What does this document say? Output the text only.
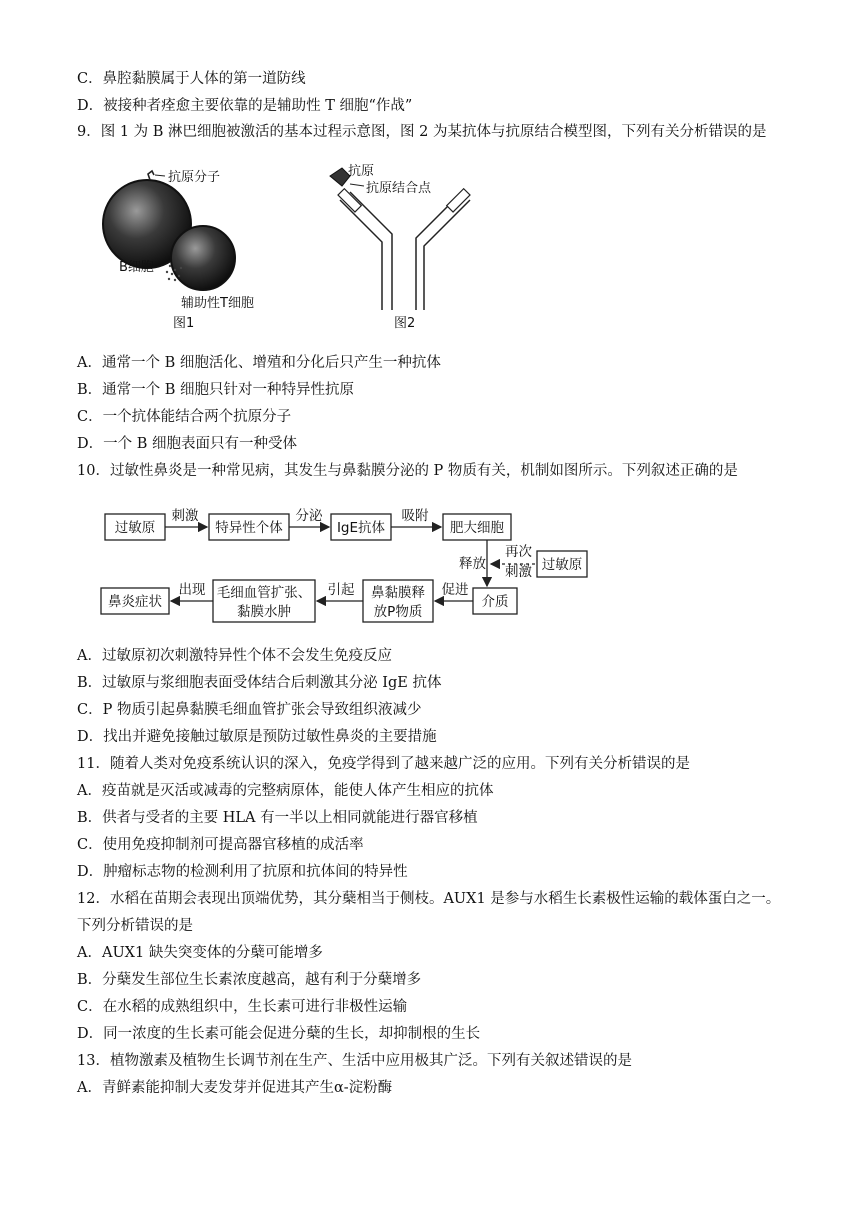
C．鼻腔黏膜属于人体的第一道防线
D．被接种者痊愈主要依靠的是辅助性 T 细胞“作战”
9．图 1 为 B 淋巴细胞被激活的基本过程示意图，图 2 为某抗体与抗原结合模型图，下列有关分析错误的是
抗原分子
B细胞
辅助性T细胞
图1
抗原
抗原结合点
图2
A．通常一个 B 细胞活化、增殖和分化后只产生一种抗体
B．通常一个 B 细胞只针对一种特异性抗原
C．一个抗体能结合两个抗原分子
D．一个 B 细胞表面只有一种受体
10．过敏性鼻炎是一种常见病，其发生与鼻黏膜分泌的 P 物质有关，机制如图所示。下列叙述正确的是
过敏原
刺激
特异性个体
分泌
IgE抗体
吸附
肥大细胞
释放
再次
刺激 过敏原
介质
促进
鼻黏膜释
放P物质
引起
毛细血管扩张、
黏膜水肿
出现
鼻炎症状
A．过敏原初次刺激特异性个体不会发生免疫反应
B．过敏原与浆细胞表面受体结合后刺激其分泌 IgE 抗体
C．P 物质引起鼻黏膜毛细血管扩张会导致组织液减少
D．找出并避免接触过敏原是预防过敏性鼻炎的主要措施
11．随着人类对免疫系统认识的深入，免疫学得到了越来越广泛的应用。下列有关分析错误的是
A．疫苗就是灭活或减毒的完整病原体，能使人体产生相应的抗体
B．供者与受者的主要 HLA 有一半以上相同就能进行器官移植
C．使用免疫抑制剂可提高器官移植的成活率
D．肿瘤标志物的检测利用了抗原和抗体间的特异性
12．水稻在苗期会表现出顶端优势，其分蘖相当于侧枝。AUX1 是参与水稻生长素极性运输的载体蛋白之一。
下列分析错误的是
A．AUX1 缺失突变体的分蘖可能增多
B．分蘖发生部位生长素浓度越高，越有利于分蘖增多
C．在水稻的成熟组织中，生长素可进行非极性运输
D．同一浓度的生长素可能会促进分蘖的生长，却抑制根的生长
13．植物激素及植物生长调节剂在生产、生活中应用极其广泛。下列有关叙述错误的是
A．青鲜素能抑制大麦发芽并促进其产生α-淀粉酶
